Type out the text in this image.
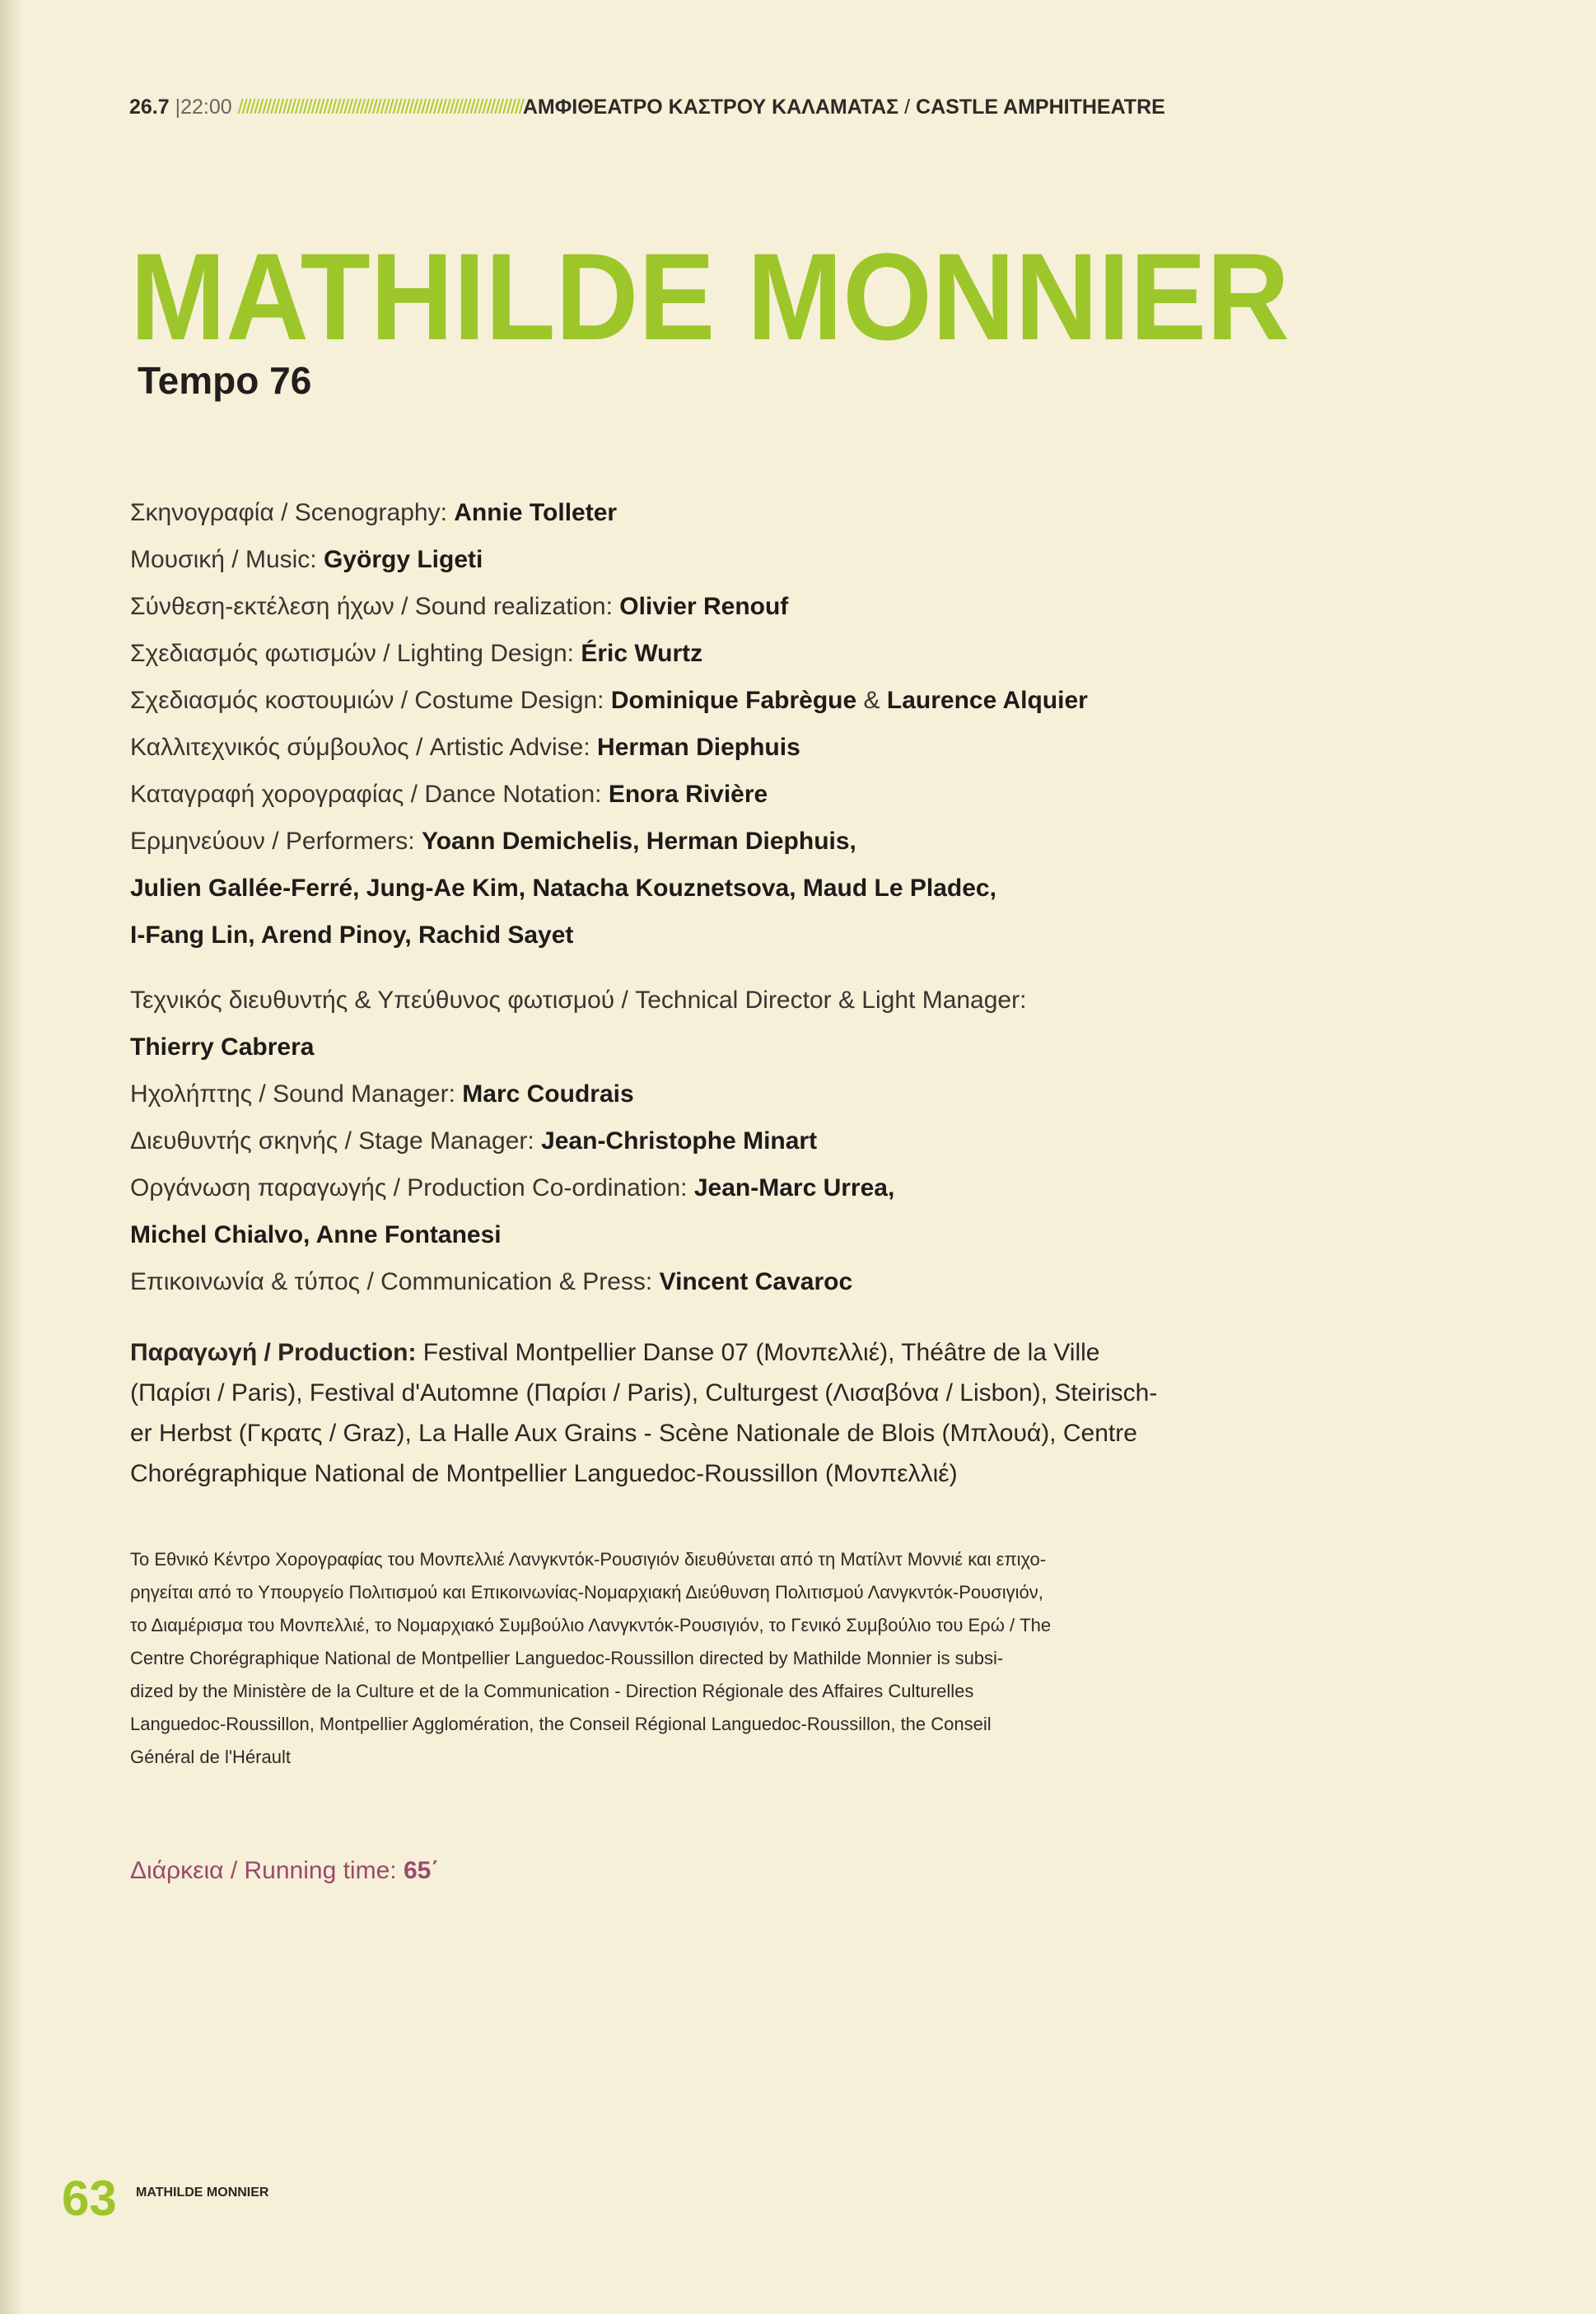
26.7 |22:00 //////////////////////////////////////////////////////////////////////ΑΜΦΙΘΕΑΤΡΟ ΚΑΣΤΡΟΥ ΚΑΛΑΜΑΤΑΣ / CASTLE AMPHITHEATRE
MATHILDE MONNIER
Tempo 76
Σκηνογραφία / Scenography: Annie Tolleter
Μουσική / Music: György Ligeti
Σύνθεση-εκτέλεση ήχων / Sound realization: Olivier Renouf
Σχεδιασμός φωτισμών / Lighting Design: Éric Wurtz
Σχεδιασμός κοστουμιών / Costume Design: Dominique Fabrègue & Laurence Alquier
Καλλιτεχνικός σύμβουλος / Artistic Advise: Herman Diephuis
Καταγραφή χορογραφίας / Dance Notation: Enora Rivière
Ερμηνεύουν / Performers: Yoann Demichelis, Herman Diephuis,
Julien Gallée-Ferré, Jung-Ae Kim, Natacha Kouznetsova, Maud Le Pladec,
I-Fang Lin, Arend Pinoy, Rachid Sayet
Τεχνικός διευθυντής & Υπεύθυνος φωτισμού / Technical Director & Light Manager:
Thierry Cabrera
Ηχολήπτης / Sound Manager: Marc Coudrais
Διευθυντής σκηνής / Stage Manager: Jean-Christophe Minart
Οργάνωση παραγωγής / Production Co-ordination: Jean-Marc Urrea,
Michel Chialvo, Anne Fontanesi
Επικοινωνία & τύπος / Communication & Press: Vincent Cavaroc
Παραγωγή / Production: Festival Montpellier Danse 07 (Μονπελλιέ), Théâtre de la Ville
(Παρίσι / Paris), Festival d'Automne (Παρίσι / Paris), Culturgest (Λισαβόνα / Lisbon), Steirisch-
er Herbst (Γκρατς / Graz), La Halle Aux Grains - Scène Nationale de Blois (Μπλουά), Centre
Chorégraphique National de Montpellier Languedoc-Roussillon (Μονπελλιέ)
Το Εθνικό Κέντρο Χορογραφίας του Μονπελλιέ Λανγκντόκ-Ρουσιγιόν διευθύνεται από τη Ματίλντ Μοννιέ και επιχο-
ρηγείται από το Υπουργείο Πολιτισμού και Επικοινωνίας-Νομαρχιακή Διεύθυνση Πολιτισμού Λανγκντόκ-Ρουσιγιόν,
το Διαμέρισμα του Μονπελλιέ, το Νομαρχιακό Συμβούλιο Λανγκντόκ-Ρουσιγιόν, το Γενικό Συμβούλιο του Ερώ / The
Centre Chorégraphique National de Montpellier Languedoc-Roussillon directed by Mathilde Monnier is subsi-
dized by the Ministère de la Culture et de la Communication - Direction Régionale des Affaires Culturelles
Languedoc-Roussillon, Montpellier Agglomération, the Conseil Régional Languedoc-Roussillon, the Conseil
Général de l'Hérault
Διάρκεια / Running time: 65΄
63 MATHILDE MONNIER
